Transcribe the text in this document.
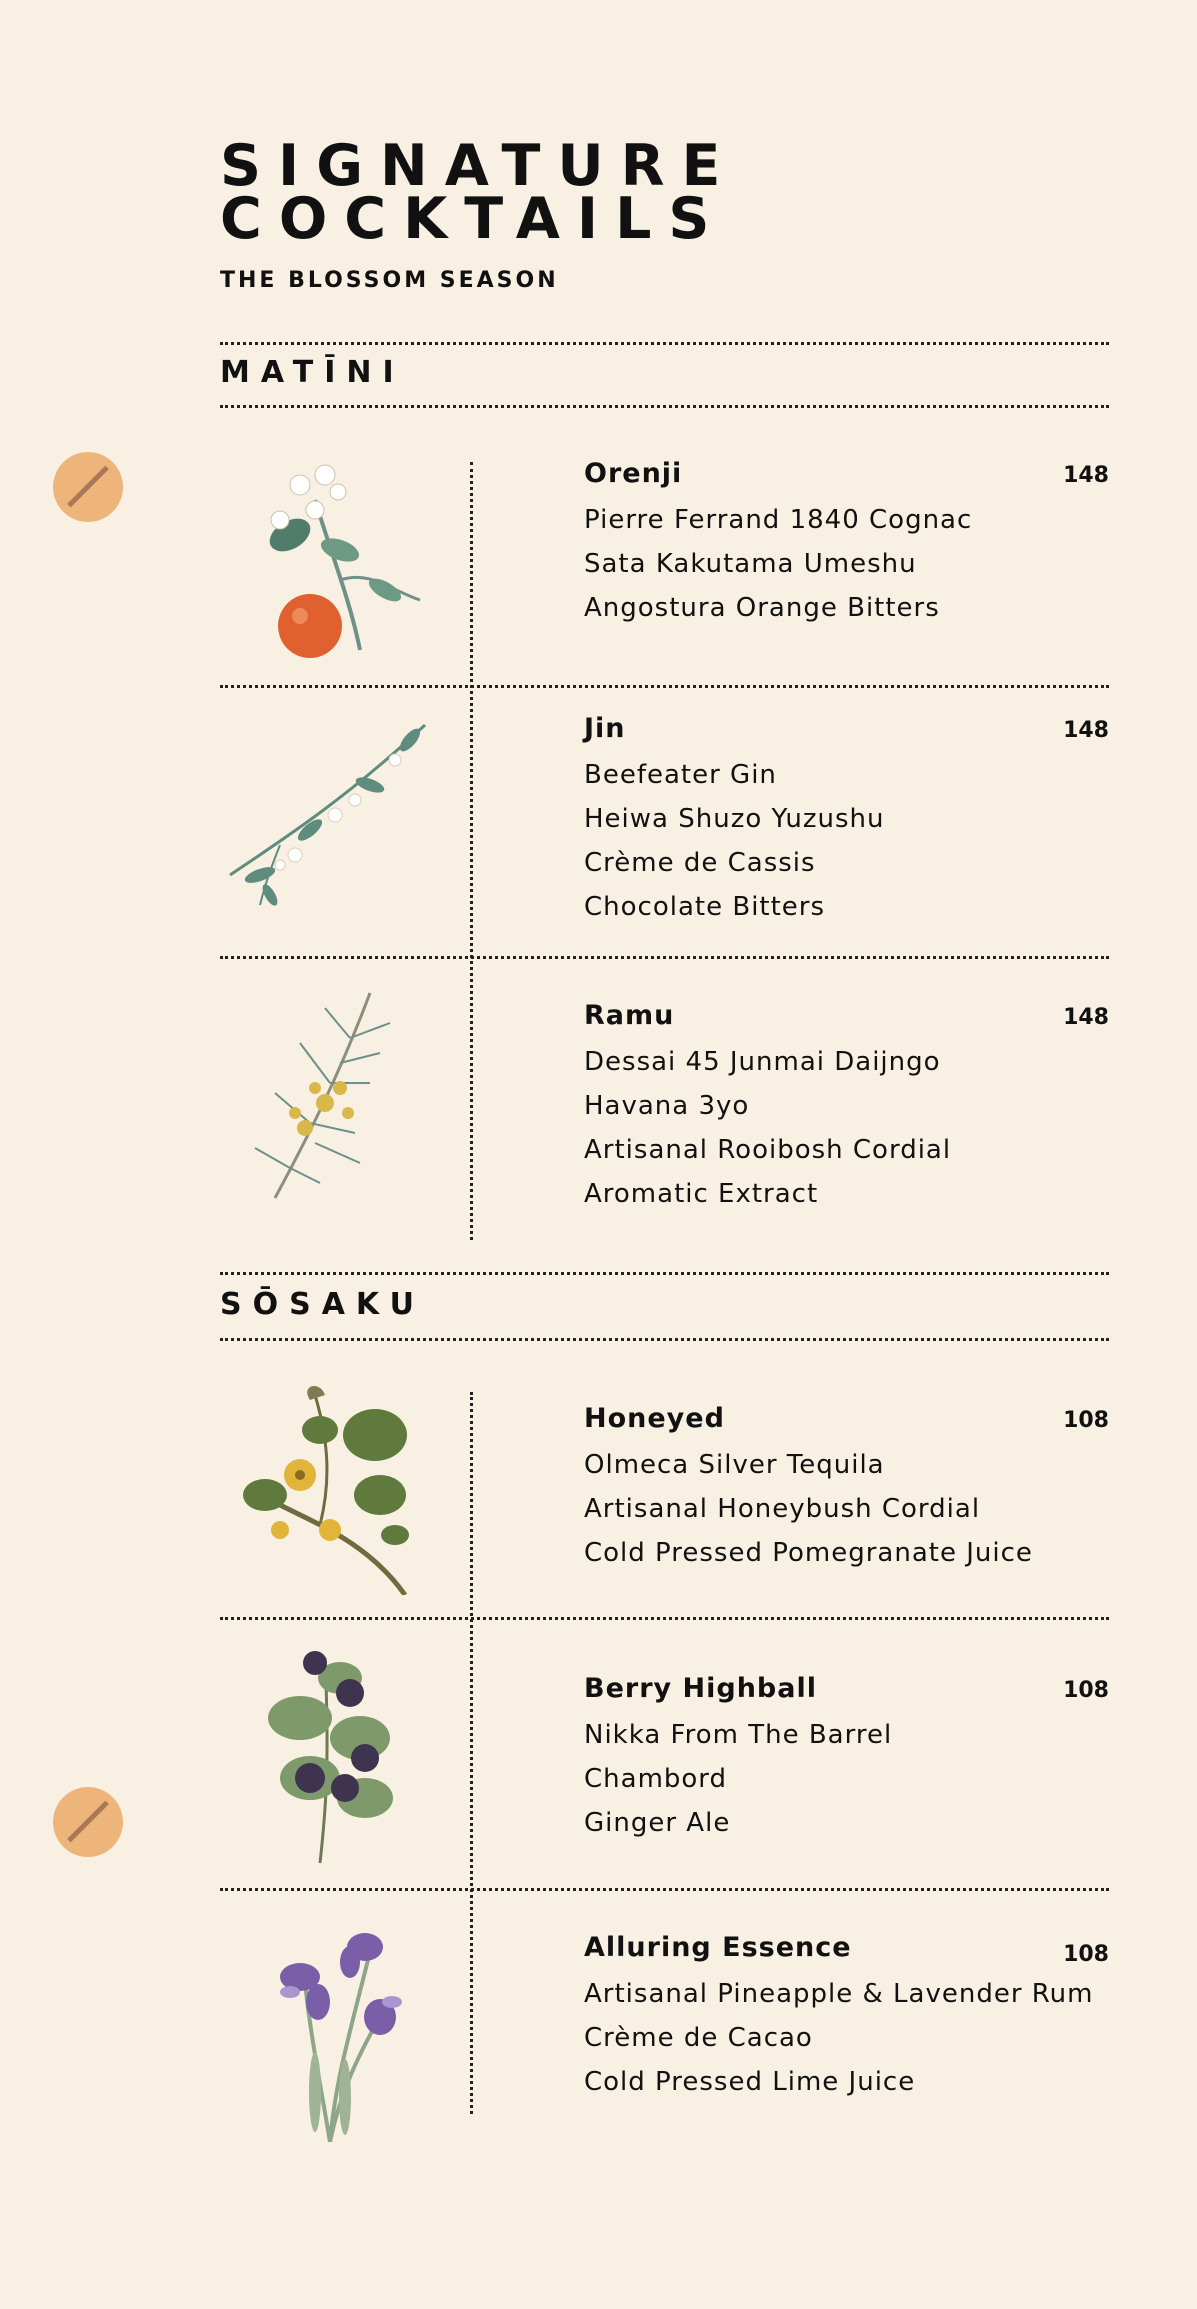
SIGNATURE
COCKTAILS

THE BLOSSOM SEASON

MATĪNI

Orenji	148

Pierre Ferrand 1840 Cognac
Sata Kakutama Umeshu
Angostura Orange Bitters

Jin	148

Beefeater Gin
Heiwa Shuzo Yuzushu
Crème de Cassis
Chocolate Bitters

Ramu	148

Dessai 45 Junmai Daijngo
Havana 3yo
Artisanal Rooibosh Cordial
Aromatic Extract

SŌSAKU

Honeyed	108

Olmeca Silver Tequila
Artisanal Honeybush Cordial
Cold Pressed Pomegranate Juice

Berry Highball	108

Nikka From The Barrel
Chambord
Ginger Ale

Alluring Essence	108

Artisanal Pineapple & Lavender Rum
Crème de Cacao
Cold Pressed Lime Juice
